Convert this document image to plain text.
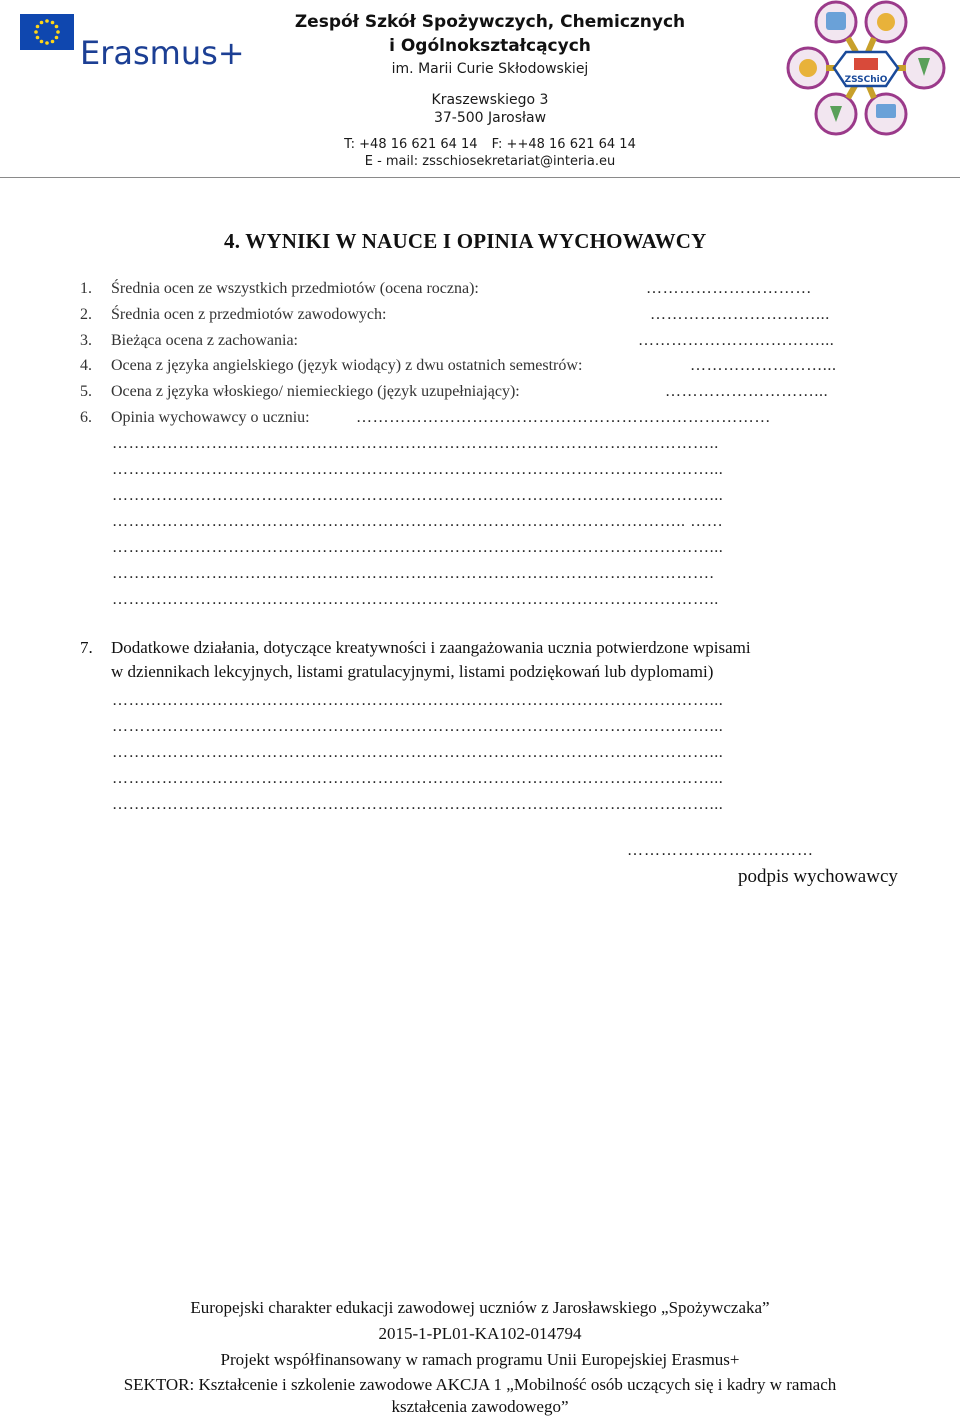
Erasmus+
Zespół Szkół Spożywczych, Chemicznych
i Ogólnokształcących
im. Marii Curie Skłodowskiej
Kraszewskiego 3
37-500 Jarosław
T: +48 16 621 64 14 F: ++48 16 621 64 14
E - mail: zsschiosekretariat@interia.eu
ZSSChiO
4. WYNIKI W NAUCE I OPINIA WYCHOWAWCY
1. Średnia ocen ze wszystkich przedmiotów (ocena roczna):	…………………………
2. Średnia ocen z przedmiotów zawodowych:	…………………………...
3. Bieżąca ocena z zachowania:	……………………………...
4. Ocena z języka angielskiego (język wiodący) z dwu ostatnich semestrów:	……………………...
5. Ocena z języka włoskiego/ niemieckiego (język uzupełniający):	………………………...
6. Opinia wychowawcy o uczniu:	…………………………………………………………………
………………………………………………………………………………………………..
………………………………………………………………………………………………...
………………………………………………………………………………………………...
………………………………………………………………………………………….. ……
………………………………………………………………………………………………...
……………………………………………………………………………………………….
………………………………………………………………………………………………..
7. Dodatkowe działania, dotyczące kreatywności i zaangażowania ucznia potwierdzone wpisami
w dziennikach lekcyjnych, listami gratulacyjnymi, listami podziękowań lub dyplomami)
………………………………………………………………………………………………...
………………………………………………………………………………………………...
………………………………………………………………………………………………...
………………………………………………………………………………………………...
………………………………………………………………………………………………...
……………………………
podpis wychowawcy
Europejski charakter edukacji zawodowej uczniów z Jarosławskiego „Spożywczaka”
2015-1-PL01-KA102-014794
Projekt współfinansowany w ramach programu Unii Europejskiej Erasmus+
SEKTOR: Kształcenie i szkolenie zawodowe AKCJA 1 „Mobilność osób uczących się i kadry w ramach
kształcenia zawodowego”
